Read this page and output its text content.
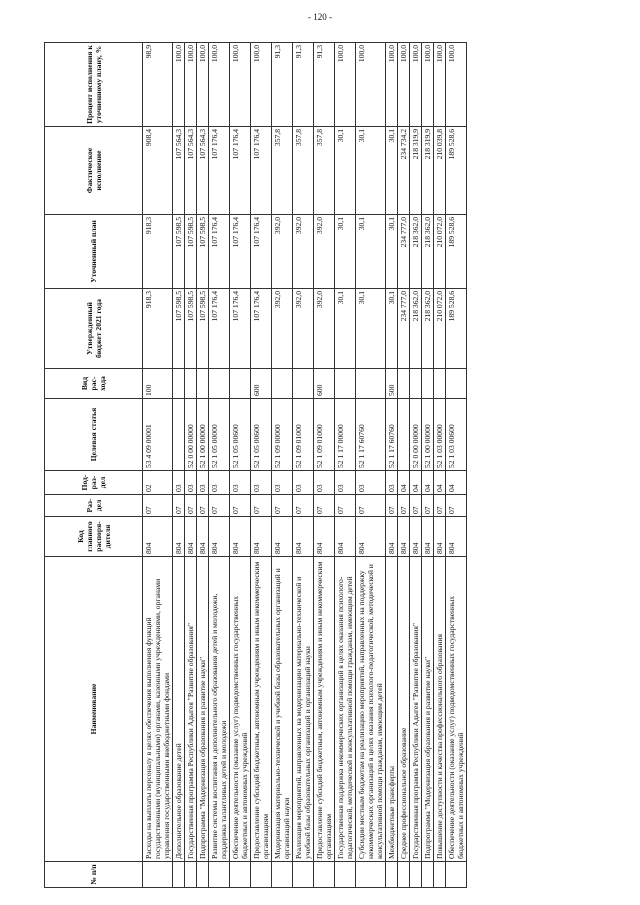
- 120 -
№ п/п	Наименование	Код главного распоря-дителя	Раз-дел	Под-раз-дел	Целевая статья	Вид рас-хода	Утвержденный бюджет 2021 года	Уточненный план	Фактическое исполнение	Процент исполнения к уточненному плану, %
	Расходы на выплаты персоналу в целях обеспечения выполнения функций государственными (муниципальными) органами, казенными учреждениями, органами управления государственными внебюджетными фондами	804	07	02	53 4 09 00001	100	918,3	918,3	908,4	98,9
	Дополнительное образование детей	804	07	03			107 598,5	107 598,5	107 564,3	100,0
	Государственная программа Республики Адыгея "Развитие образования"	804	07	03	52 0 00 00000		107 598,5	107 598,5	107 564,3	100,0
	Подпрограмма "Модернизация образования и развитие науки"	804	07	03	52 1 00 00000		107 598,5	107 598,5	107 564,3	100,0
	Развитие системы воспитания и дополнительного образования детей и молодежи, поддержка талантливых детей и молодежи	804	07	03	52 1 05 00000		107 176,4	107 176,4	107 176,4	100,0
	Обеспечение деятельности (оказание услуг) подведомственных государственных бюджетных и автономных учреждений	804	07	03	52 1 05 00600		107 176,4	107 176,4	107 176,4	100,0
	Предоставление субсидий бюджетным, автономным учреждениям и иным некоммерческим организациям	804	07	03	52 1 05 00600	600	107 176,4	107 176,4	107 176,4	100,0
	Модернизация материально-технической и учебной базы образовательных организаций и организаций науки	804	07	03	52 1 09 00000		392,0	392,0	357,8	91,3
	Реализация мероприятий, направленных на модернизацию материально-технической и учебной базы образовательных организаций и организаций науки	804	07	03	52 1 09 01000		392,0	392,0	357,8	91,3
	Предоставление субсидий бюджетным, автономным учреждениям и иным некоммерческим организациям	804	07	03	52 1 09 01000	600	392,0	392,0	357,8	91,3
	Государственная поддержка некоммерческих организаций в целях оказания психолого-педагогической, методической и консультативной помощи гражданам, имеющим детей	804	07	03	52 1 17 00000		30,1	30,1	30,1	100,0
	Субсидии местным бюджетам на реализацию мероприятий, направленных на поддержку некоммерческих организаций в целях оказания психолого-педагогической, методической и консультативной помощи гражданам, имеющим детей	804	07	03	52 1 17 60760		30,1	30,1	30,1	100,0
	Межбюджетные трансферты	804	07	03	52 1 17 60760	500	30,1	30,1	30,1	100,0
	Среднее профессиональное образование	804	07	04			234 777,0	234 777,0	234 734,2	100,0
	Государственная программа Республики Адыгея "Развитие образования"	804	07	04	52 0 00 00000		218 362,0	218 362,0	218 319,9	100,0
	Подпрограмма "Модернизация образования и развитие науки"	804	07	04	52 1 00 00000		218 362,0	218 362,0	218 319,9	100,0
	Повышение доступности и качества профессионального образования	804	07	04	52 1 03 00000		210 072,0	210 072,0	210 039,8	100,0
	Обеспечение деятельности (оказание услуг) подведомственных государственных бюджетных и автономных учреждений	804	07	04	52 1 03 00600		189 528,6	189 528,6	189 528,6	100,0
